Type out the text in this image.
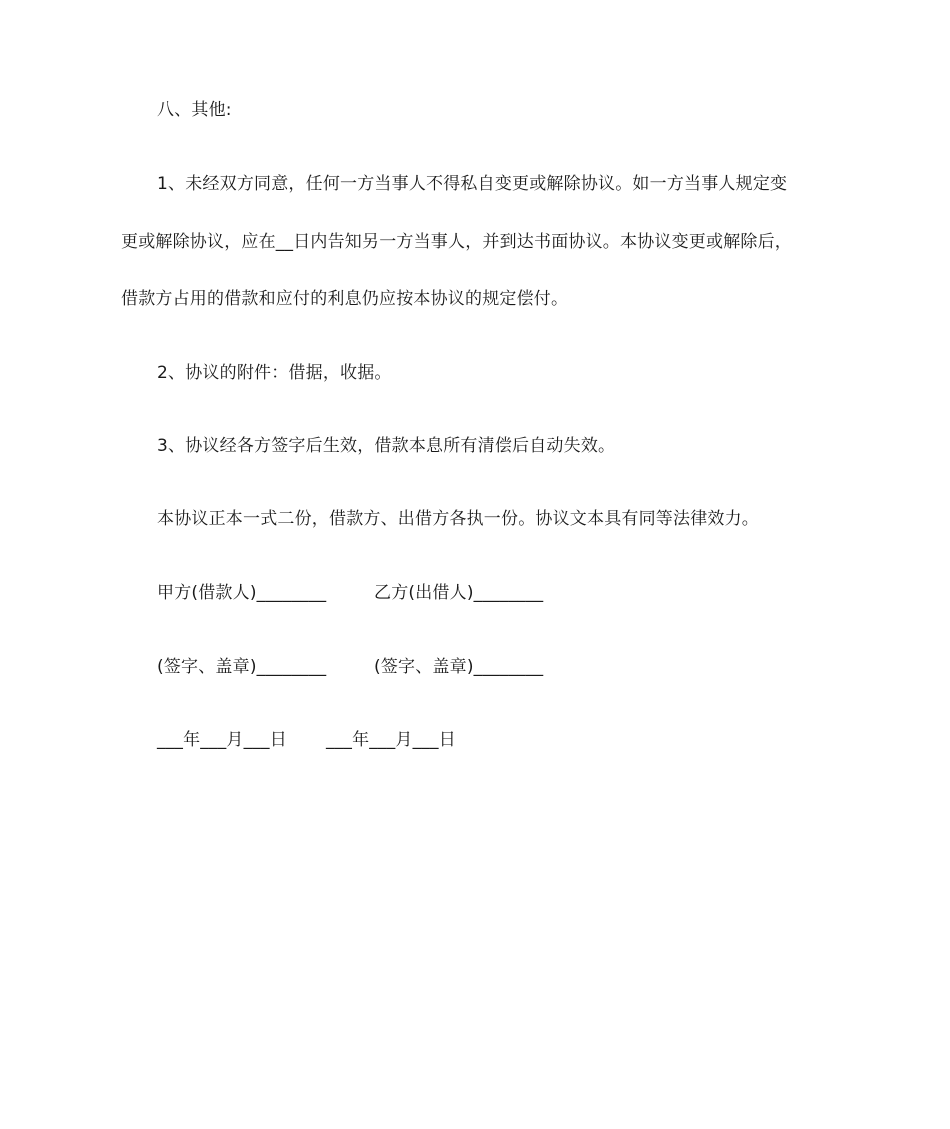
八、其他:
1、未经双方同意，任何一方当事人不得私自变更或解除协议。如一方当事人规定变
更或解除协议，应在__日内告知另一方当事人，并到达书面协议。本协议变更或解除后，
借款方占用的借款和应付的利息仍应按本协议的规定偿付。
2、协议的附件：借据，收据。
3、协议经各方签字后生效，借款本息所有清偿后自动失效。
本协议正本一式二份，借款方、出借方各执一份。协议文本具有同等法律效力。
甲方(借款人)________	乙方(出借人)________
(签字、盖章)________	(签字、盖章)________
___年___月___日 ___年___月___日
